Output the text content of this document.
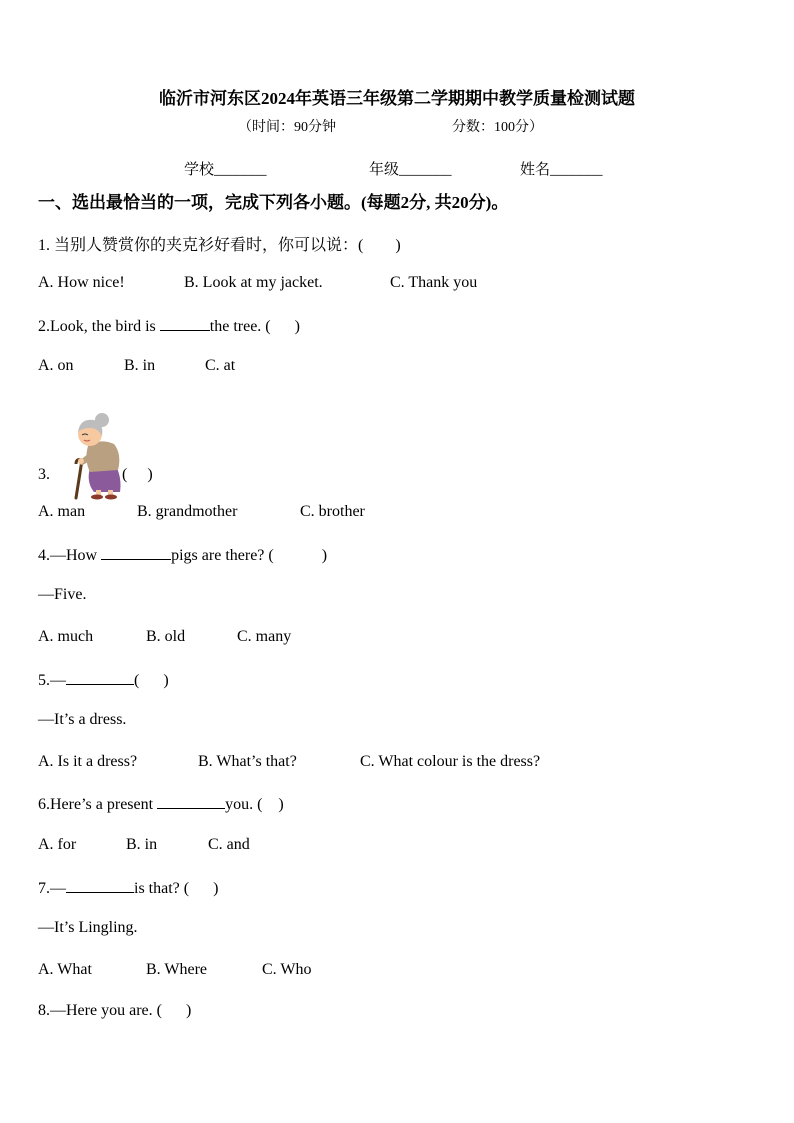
临沂市河东区2024年英语三年级第二学期期中教学质量检测试题
（时间：90分钟	分数：100分）
学校_______	年级_______	姓名_______
一、选出最恰当的一项，完成下列各小题。(每题2分, 共20分)。
1. 当别人赞赏你的夹克衫好看时，你可以说：(        )
A. How nice!	B. Look at my jacket.	C. Thank you
2.Look, the bird is	the tree. (      )
A. on	B. in	C. at

3.	(     )
A. man	B. grandmother	C. brother
4.—How	pigs are there? (            )
—Five.
A. much	B. old	C. many
5.—	(      )
—It’s a dress.
A. Is it a dress?	B. What’s that?	C. What colour is the dress?
6.Here’s a present	you. (    )
A. for	B. in	C. and
7.—	is that? (      )
—It’s Lingling.
A. What	B. Where	C. Who
8.—Here you are. (      )
